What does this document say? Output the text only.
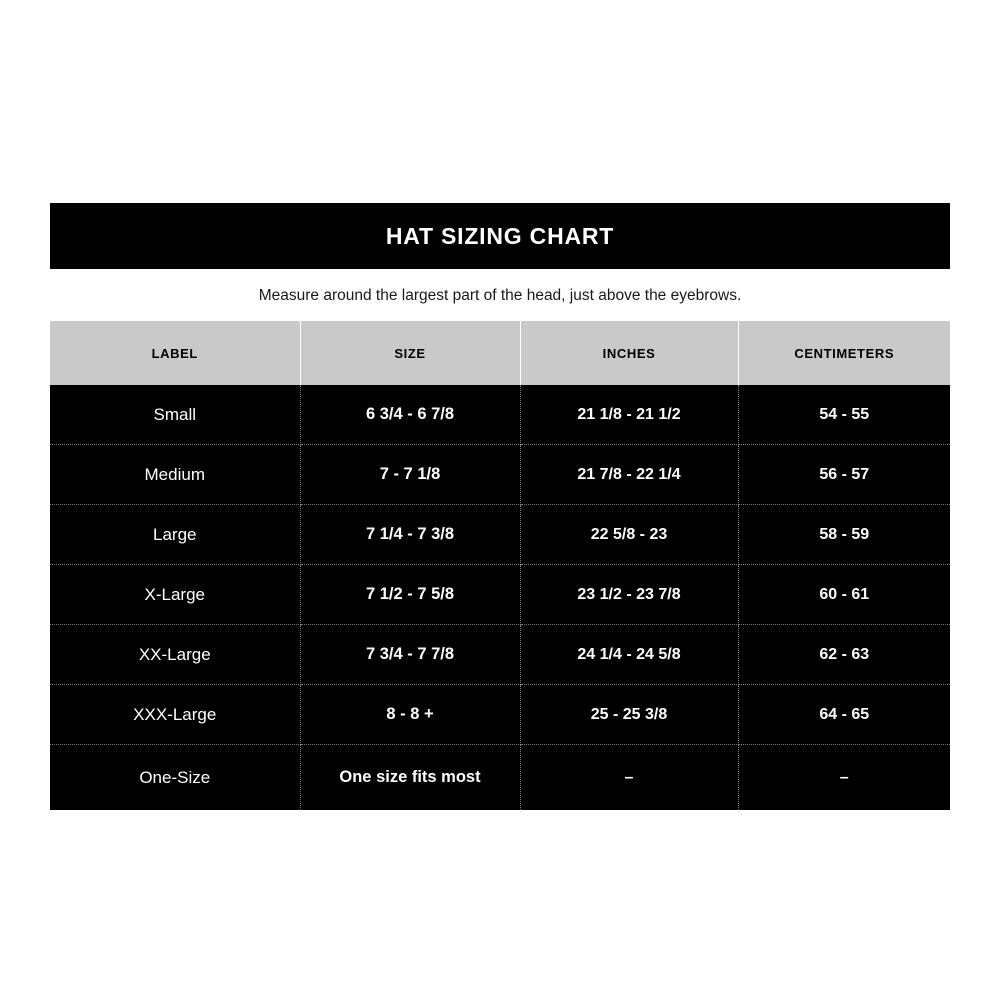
HAT SIZING CHART
Measure around the largest part of the head, just above the eyebrows.
LABEL	SIZE	INCHES	CENTIMETERS
Small	6 3/4 - 6 7/8	21 1/8 - 21 1/2	54 - 55
Medium	7 - 7 1/8	21 7/8 - 22 1/4	56 - 57
Large	7 1/4 - 7 3/8	22 5/8 - 23	58 - 59
X-Large	7 1/2 - 7 5/8	23 1/2 - 23 7/8	60 - 61
XX-Large	7 3/4 - 7 7/8	24 1/4 - 24 5/8	62 - 63
XXX-Large	8 - 8 +	25 - 25 3/8	64 - 65
One-Size	One size fits most	–	–
